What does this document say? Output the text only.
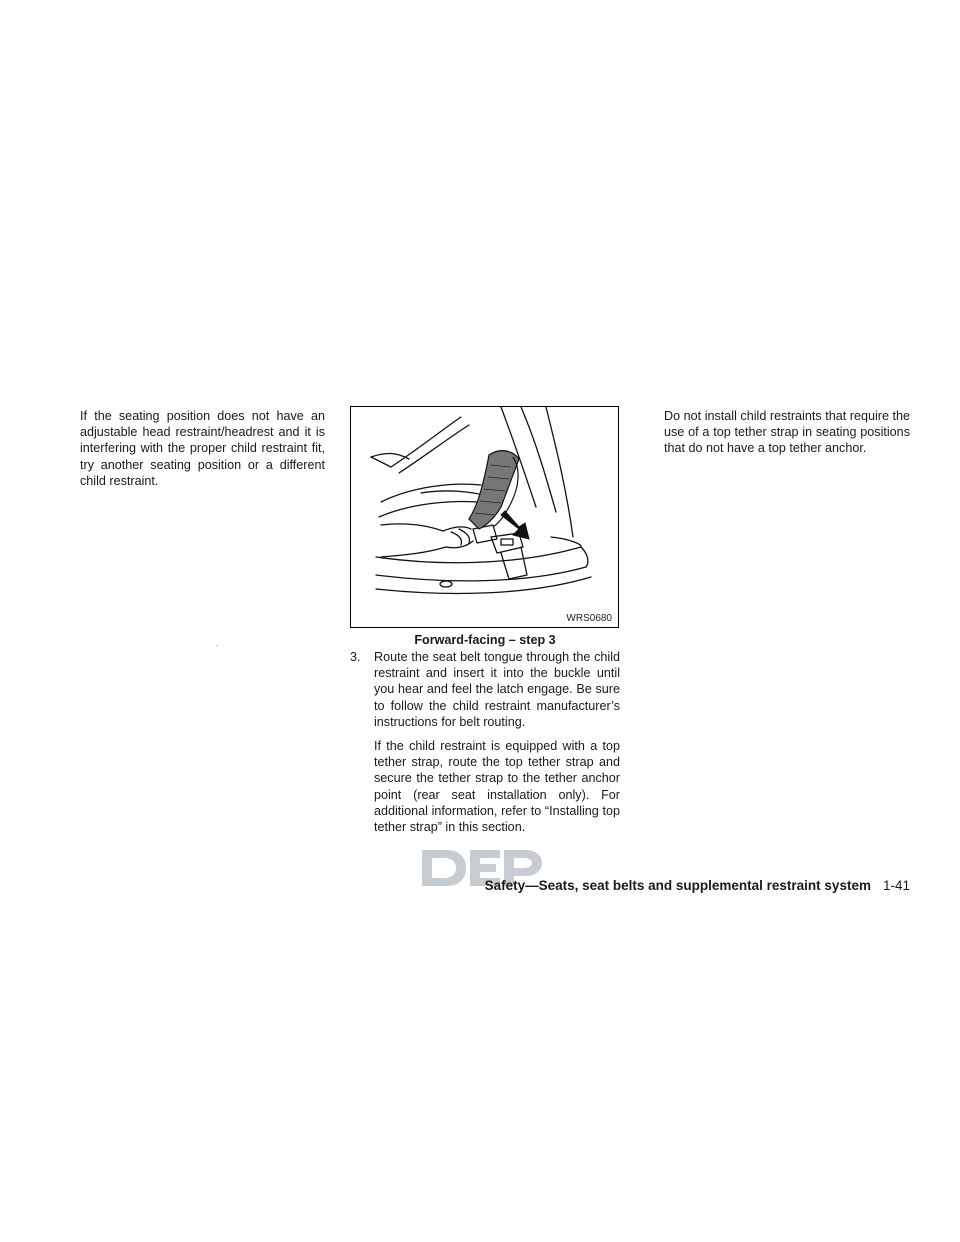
If the seating position does not have an adjustable head restraint/headrest and it is interfering with the proper child restraint fit, try another seating position or a different child restraint.

WRS0680
Forward-facing – step 3
3.	Route the seat belt tongue through the child restraint and insert it into the buckle until you hear and feel the latch engage. Be sure to follow the child restraint manufacturer’s instructions for belt routing.
If the child restraint is equipped with a top tether strap, route the top tether strap and secure the tether strap to the tether anchor point (rear seat installation only). For additional information, refer to “Installing top tether strap” in this section.

Do not install child restraints that require the use of a top tether strap in seating positions that do not have a top tether anchor.

DEP
Safety—Seats, seat belts and supplemental restraint system 1-41
